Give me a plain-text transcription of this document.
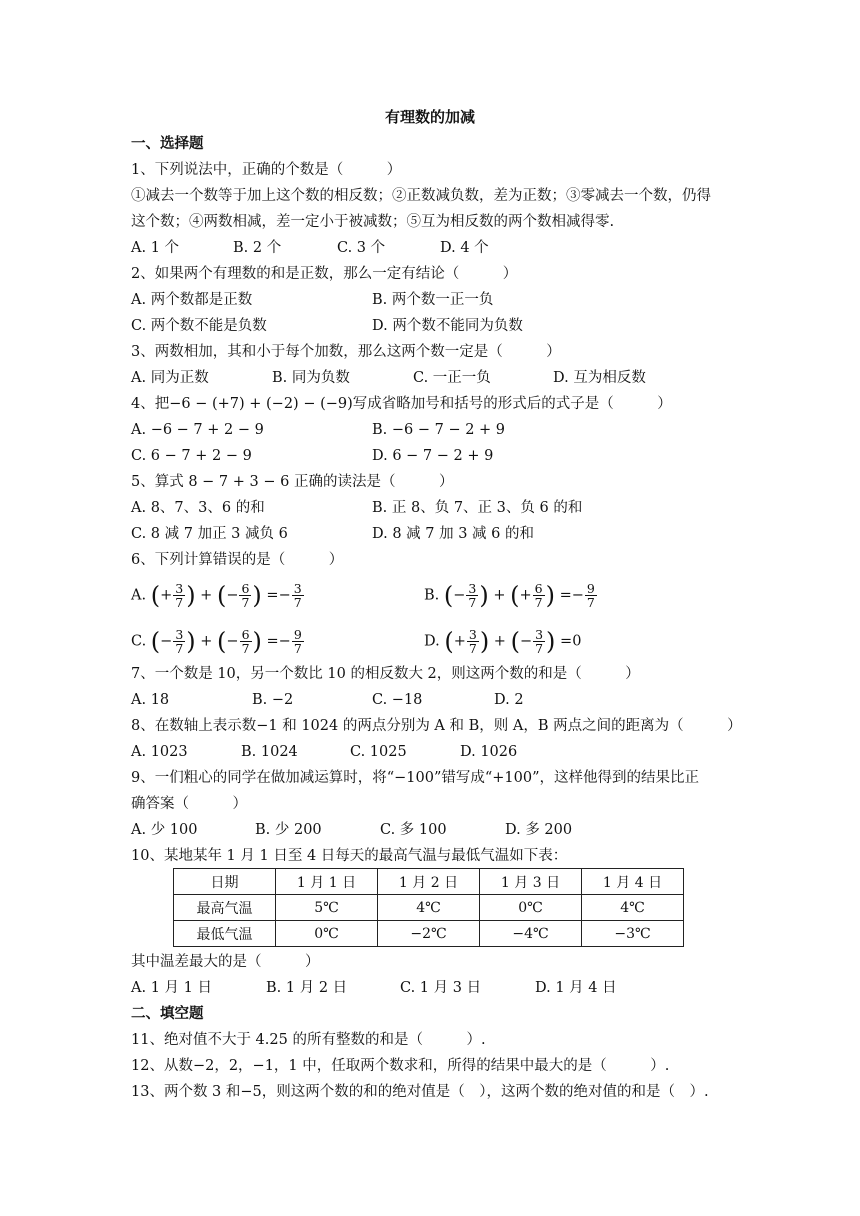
有理数的加减
一、选择题
1、下列说法中，正确的个数是（　　　）
①减去一个数等于加上这个数的相反数；②正数减负数，差为正数；③零减去一个数，仍得
这个数；④两数相减，差一定小于被减数；⑤互为相反数的两个数相减得零.
A. 1 个	B. 2 个	C. 3 个	D. 4 个
2、如果两个有理数的和是正数，那么一定有结论（　　　）
A. 两个数都是正数	B. 两个数一正一负
C. 两个数不能是负数	D. 两个数不能同为负数
3、两数相加，其和小于每个加数，那么这两个数一定是（　　　）
A. 同为正数	B. 同为负数	C. 一正一负	D. 互为相反数
4、把−6 − (+7) + (−2) − (−9)写成省略加号和括号的形式后的式子是（　　　）
A. −6 − 7 + 2 − 9	B. −6 − 7 − 2 + 9
C. 6 − 7 + 2 − 9	D. 6 − 7 − 2 + 9
5、算式 8 − 7 + 3 − 6 正确的读法是（　　　）
A. 8、7、3、6 的和	B. 正 8、负 7、正 3、负 6 的和
C. 8 减 7 加正 3 减负 6	D. 8 减 7 加 3 减 6 的和
6、下列计算错误的是（　　　）
A. (+ $\frac{3}{7}$ ) + (− $\frac{6}{7}$ ) =− $\frac{3}{7}$	B. (− $\frac{3}{7}$ ) + (+ $\frac{6}{7}$ ) =− $\frac{9}{7}$
C. (− $\frac{3}{7}$ ) + (− $\frac{6}{7}$ ) =− $\frac{9}{7}$	D. (+ $\frac{3}{7}$ ) + (− $\frac{3}{7}$ ) =0
7、一个数是 10，另一个数比 10 的相反数大 2，则这两个数的和是（　　　）
A. 18	B. −2	C. −18	D. 2
8、在数轴上表示数−1 和 1024 的两点分别为 A 和 B，则 A，B 两点之间的距离为（　　　）
A. 1023	B. 1024	C. 1025	D. 1026
9、一们粗心的同学在做加减运算时，将“−100”错写成“+100”，这样他得到的结果比正
确答案（　　　）
A. 少 100	B. 少 200	C. 多 100	D. 多 200
10、某地某年 1 月 1 日至 4 日每天的最高气温与最低气温如下表：
日期	1 月 1 日	1 月 2 日	1 月 3 日	1 月 4 日
最高气温	5℃	4℃	0℃	4℃
最低气温	0℃	−2℃	−4℃	−3℃
其中温差最大的是（　　　）
A. 1 月 1 日	B. 1 月 2 日	C. 1 月 3 日	D. 1 月 4 日
二、填空题
11、绝对值不大于 4.25 的所有整数的和是（　　　）.
12、从数−2，2，−1，1 中，任取两个数求和，所得的结果中最大的是（　　　）.
13、两个数 3 和−5，则这两个数的和的绝对值是（　），这两个数的绝对值的和是（　）.
